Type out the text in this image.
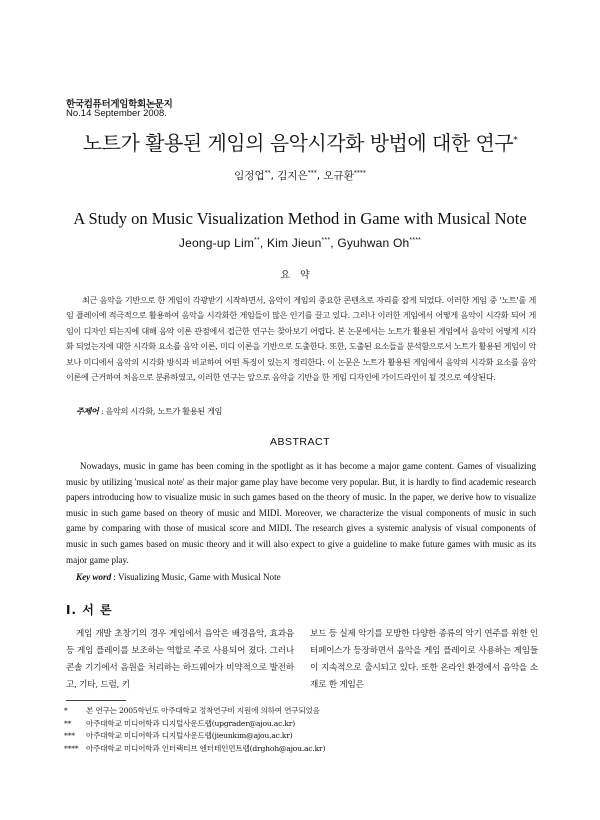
한국컴퓨터게임학회논문지
No.14 September 2008.
노트가 활용된 게임의 음악시각화 방법에 대한 연구*
임정업**, 김지은***, 오규환****
A Study on Music Visualization Method in Game with Musical Note
Jeong-up Lim**, Kim Jieun***, Gyuhwan Oh****
요약

최근 음악을 기반으로 한 게임이 각광받기 시작하면서, 음악이 게임의 중요한 콘텐츠로 자리를 잡게 되었다. 이러한 게임 중 '노트'를 게임 플레이에 적극적으로 활용하여 음악을 시각화한 게임들이 많은 인기를 끌고 있다. 그러나 이러한 게임에서 어떻게 음악이 시각화 되어 게임이 디자인 되는지에 대해 음악 이론 관점에서 접근한 연구는 찾아보기 어렵다. 본 논문에서는 노트가 활용된 게임에서 음악이 어떻게 시각화 되었는지에 대한 시각화 요소를 음악 이론, 미디 이론을 기반으로 도출한다. 또한, 도출된 요소들을 분석함으로서 노트가 활용된 게임이 악보나 미디에서 음악의 시각화 방식과 비교하여 어떤 특징이 있는지 정리한다. 이 논문은 노트가 활용된 게임에서 음악의 시각화 요소를 음악이론에 근거하여 처음으로 분류하였고, 이러한 연구는 앞으로 음악을 기반을 한 게임 디자인에 가이드라인이 될 것으로 예상된다.

주제어 : 음악의 시각화, 노트가 활용된 게임
ABSTRACT

Nowadays, music in game has been coming in the spotlight as it has become a major game content. Games of visualizing music by utilizing 'musical note' as their major game play have become very popular. But, it is hardly to find academic research papers introducing how to visualize music in such games based on the theory of music. In the paper, we derive how to visualize music in such game based on theory of music and MIDI. Moreover, we characterize the visual components of music in such game by comparing with those of musical score and MIDI. The research gives a systemic analysis of visual components of music in such games based on music theory and it will also expect to give a guideline to make future games with music as its major game play.

Key word : Visualizing Music, Game with Musical Note
Ⅰ. 서 론

게임 개발 초창기의 경우 게임에서 음악은 배경음악, 효과음 등 게임 플레이를 보조하는 역할로 주로 사용되어 졌다. 그러나 콘솔 기기에서 음원을 처리하는 하드웨어가 비약적으로 발전하고, 기타, 드럼, 키

보드 등 실제 악기를 모방한 다양한 종류의 악기 연주를 위한 인터페이스가 등장하면서 음악을 게임 플레이로 사용하는 게임들이 지속적으로 출시되고 있다. 또한 온라인 환경에서 음악을 소재로 한 게임은

*	본 연구는 2005학년도 아주대학교 정착연구비 지원에 의하여 연구되었음
**	아주대학교 미디어학과 디지털사운드랩(upgrader@ajou.ac.kr)
***	아주대학교 미디어학과 디지털사운드랩(jieunkim@ajou.ac.kr)
****	아주대학교 미디어학과 인터랙티브 엔터테인먼트랩(drghoh@ajou.ac.kr)
